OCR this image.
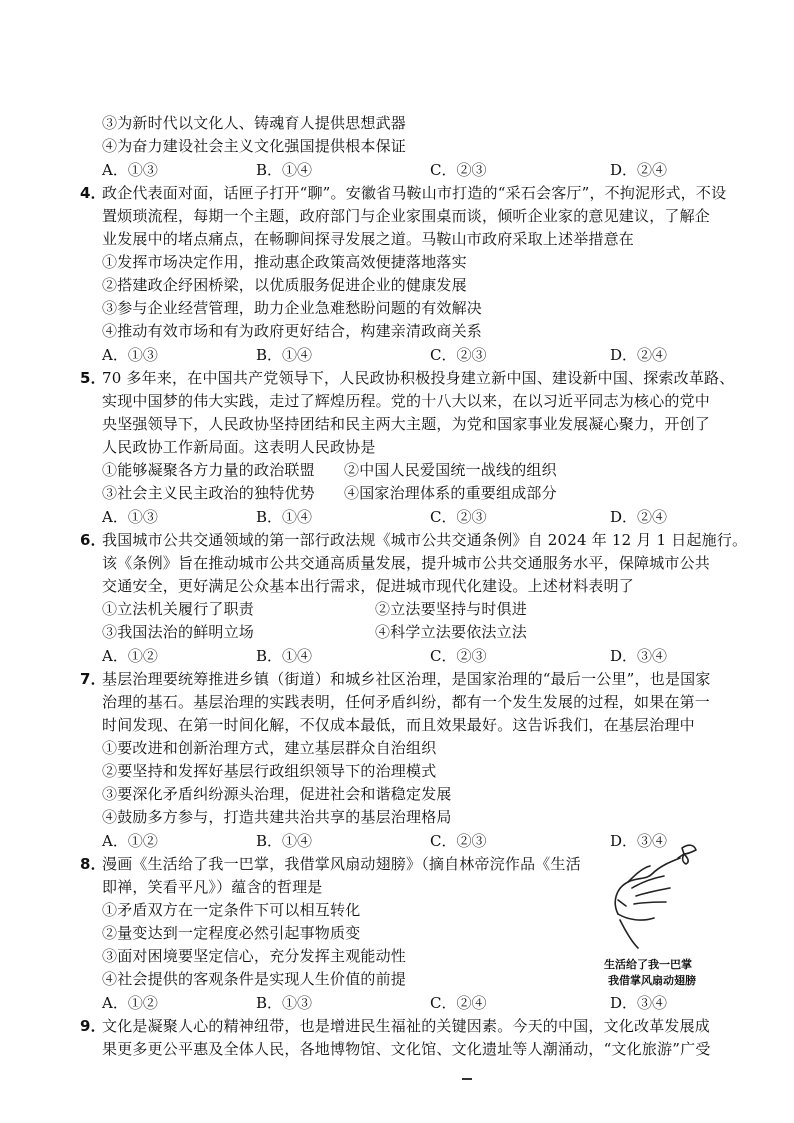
③为新时代以文化人、铸魂育人提供思想武器
④为奋力建设社会主义文化强国提供根本保证
A．①③	B．①④	C．②③	D．②④
4．政企代表面对面，话匣子打开“聊”。安徽省马鞍山市打造的“采石会客厅”，不拘泥形式，不设
置烦琐流程，每期一个主题，政府部门与企业家围桌而谈，倾听企业家的意见建议，了解企
业发展中的堵点痛点，在畅聊间探寻发展之道。马鞍山市政府采取上述举措意在
①发挥市场决定作用，推动惠企政策高效便捷落地落实
②搭建政企纾困桥梁，以优质服务促进企业的健康发展
③参与企业经营管理，助力企业急难愁盼问题的有效解决
④推动有效市场和有为政府更好结合，构建亲清政商关系
A．①③	B．①④	C．②③	D．②④
5．70 多年来，在中国共产党领导下，人民政协积极投身建立新中国、建设新中国、探索改革路、
实现中国梦的伟大实践，走过了辉煌历程。党的十八大以来，在以习近平同志为核心的党中
央坚强领导下，人民政协坚持团结和民主两大主题，为党和国家事业发展凝心聚力，开创了
人民政协工作新局面。这表明人民政协是
①能够凝聚各方力量的政治联盟 ②中国人民爱国统一战线的组织
③社会主义民主政治的独特优势 ④国家治理体系的重要组成部分
A．①③	B．①④	C．②③	D．②④
6．我国城市公共交通领域的第一部行政法规《城市公共交通条例》自 2024 年 12 月 1 日起施行。
该《条例》旨在推动城市公共交通高质量发展，提升城市公共交通服务水平，保障城市公共
交通安全，更好满足公众基本出行需求，促进城市现代化建设。上述材料表明了
①立法机关履行了职责	②立法要坚持与时俱进
③我国法治的鲜明立场	④科学立法要依法立法
A．①②	B．①④	C．②③	D．③④
7．基层治理要统筹推进乡镇（街道）和城乡社区治理，是国家治理的“最后一公里”，也是国家
治理的基石。基层治理的实践表明，任何矛盾纠纷，都有一个发生发展的过程，如果在第一
时间发现、在第一时间化解，不仅成本最低，而且效果最好。这告诉我们，在基层治理中
①要改进和创新治理方式，建立基层群众自治组织
②要坚持和发挥好基层行政组织领导下的治理模式
③要深化矛盾纠纷源头治理，促进社会和谐稳定发展
④鼓励多方参与，打造共建共治共享的基层治理格局
A．①②	B．①④	C．②③	D．③④
8．漫画《生活给了我一巴掌，我借掌风扇动翅膀》（摘自林帝浣作品《生活
即禅，笑看平凡》）蕴含的哲理是
①矛盾双方在一定条件下可以相互转化
②量变达到一定程度必然引起事物质变
③面对困境要坚定信心，充分发挥主观能动性
④社会提供的客观条件是实现人生价值的前提
A．①②	B．①③	C．②④	D．③④
生活给了我一巴掌
我借掌风扇动翅膀
9．文化是凝聚人心的精神纽带，也是增进民生福祉的关键因素。今天的中国，文化改革发展成
果更多更公平惠及全体人民，各地博物馆、文化馆、文化遗址等人潮涌动，“文化旅游”广受
